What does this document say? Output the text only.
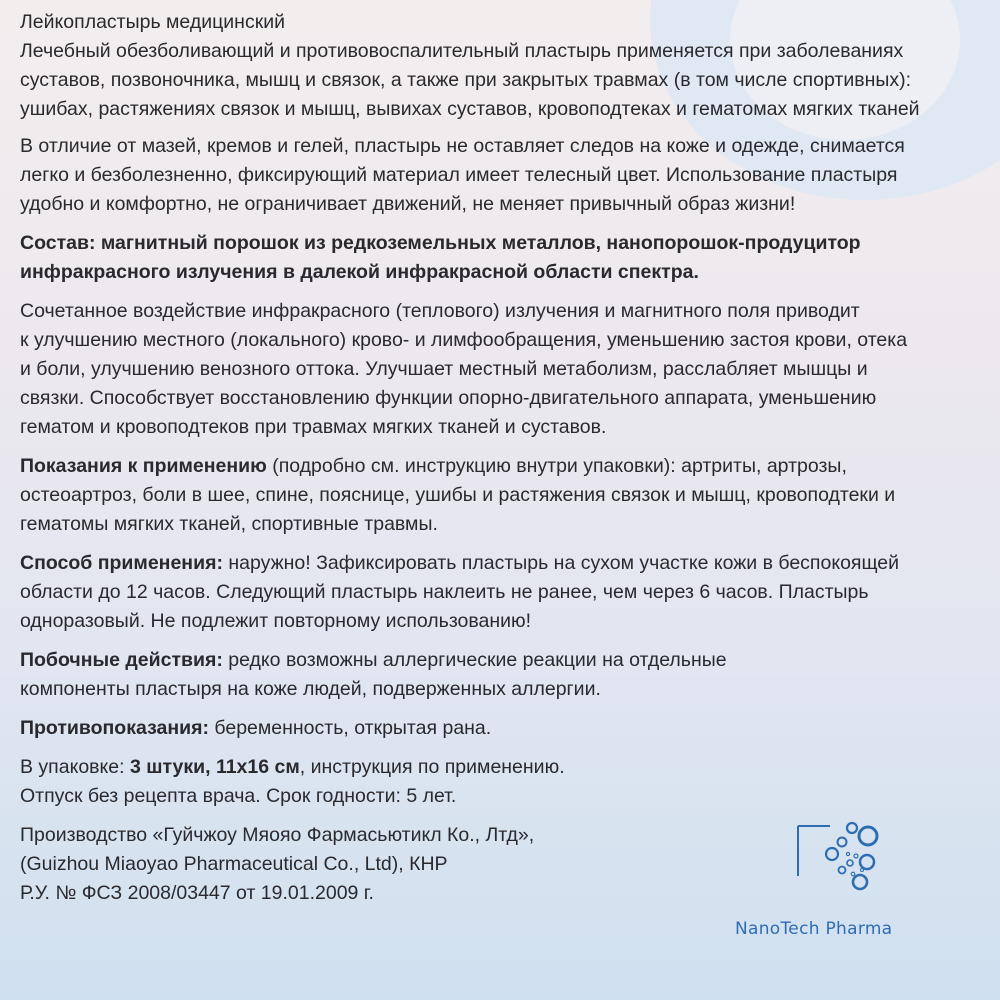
Лейкопластырь медицинский

Лечебный обезболивающий и противовоспалительный пластырь применяется при заболеваниях

суставов, позвоночника, мышц и связок, а также при закрытых травмах (в том числе спортивных):

ушибах, растяжениях связок и мышц, вывихах суставов, кровоподтеках и гематомах мягких тканей

В отличие от мазей, кремов и гелей, пластырь не оставляет следов на коже и одежде, снимается

легко и безболезненно, фиксирующий материал имеет телесный цвет. Использование пластыря

удобно и комфортно, не ограничивает движений, не меняет привычный образ жизни!

Состав: магнитный порошок из редкоземельных металлов, нанопорошок-продуцитор

инфракрасного излучения в далекой инфракрасной области спектра.

Сочетанное воздействие инфракрасного (теплового) излучения и магнитного поля приводит

к улучшению местного (локального) крово- и лимфообращения, уменьшению застоя крови, отека

и боли, улучшению венозного оттока. Улучшает местный метаболизм, расслабляет мышцы и

связки. Способствует восстановлению функции опорно-двигательного аппарата, уменьшению

гематом и кровоподтеков при травмах мягких тканей и суставов.

Показания к применению (подробно см. инструкцию внутри упаковки): артриты, артрозы,

остеоартроз, боли в шее, спине, пояснице, ушибы и растяжения связок и мышц, кровоподтеки и

гематомы мягких тканей, спортивные травмы.

Способ применения: наружно! Зафиксировать пластырь на сухом участке кожи в беспокоящей

области до 12 часов. Следующий пластырь наклеить не ранее, чем через 6 часов. Пластырь

одноразовый. Не подлежит повторному использованию!

Побочные действия: редко возможны аллергические реакции на отдельные

компоненты пластыря на коже людей, подверженных аллергии.

Противопоказания: беременность, открытая рана.

В упаковке: 3 штуки, 11х16 см, инструкция по применению.

Отпуск без рецепта врача. Срок годности: 5 лет.

Производство «Гуйчжоу Мяояо Фармасьютикл Ко., Лтд»,

(Guizhou Miaoyao Pharmaceutical Co., Ltd), КНР

Р.У. № ФСЗ 2008/03447 от 19.01.2009 г.

NanoTech Pharma
